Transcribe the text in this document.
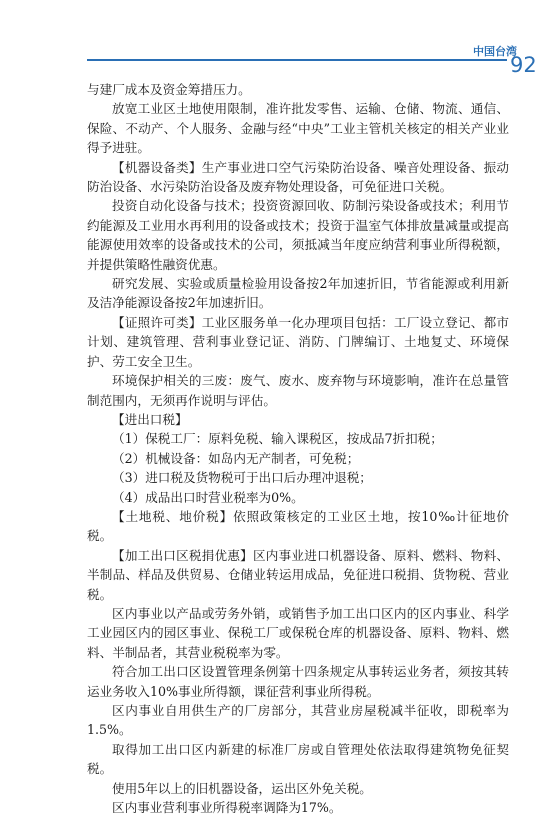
中国台湾
92

与建厂成本及资金筹措压力。

放宽工业区土地使用限制，准许批发零售、运输、仓储、物流、通信、保险、不动产、个人服务、金融与经“中央”工业主管机关核定的相关产业业得予进驻。

【机器设备类】生产事业进口空气污染防治设备、噪音处理设备、振动防治设备、水污染防治设备及废弃物处理设备，可免征进口关税。

投资自动化设备与技术；投资资源回收、防制污染设备或技术；利用节约能源及工业用水再利用的设备或技术；投资于温室气体排放量减量或提高能源使用效率的设备或技术的公司，须抵减当年度应纳营利事业所得税额，并提供策略性融资优惠。

研究发展、实验或质量检验用设备按2年加速折旧，节省能源或利用新及洁净能源设备按2年加速折旧。

【证照许可类】工业区服务单一化办理项目包括：工厂设立登记、都市计划、建筑管理、营利事业登记证、消防、门牌编订、土地复丈、环境保护、劳工安全卫生。

环境保护相关的三废：废气、废水、废弃物与环境影响，准许在总量管制范围内，无须再作说明与评估。

【进出口税】

（1）保税工厂：原料免税、输入课税区，按成品7折扣税；

（2）机械设备：如岛内无产制者，可免税；

（3）进口税及货物税可于出口后办理冲退税；

（4）成品出口时营业税率为0%。

【土地税、地价税】依照政策核定的工业区土地，按10‰计征地价税。

【加工出口区税捐优惠】区内事业进口机器设备、原料、燃料、物料、半制品、样品及供贸易、仓储业转运用成品，免征进口税捐、货物税、营业税。

区内事业以产品或劳务外销，或销售予加工出口区内的区内事业、科学工业园区内的园区事业、保税工厂或保税仓库的机器设备、原料、物料、燃料、半制品者，其营业税税率为零。

符合加工出口区设置管理条例第十四条规定从事转运业务者，须按其转运业务收入10%事业所得额，课征营利事业所得税。

区内事业自用供生产的厂房部分，其营业房屋税减半征收，即税率为1.5%。

取得加工出口区内新建的标准厂房或自管理处依法取得建筑物免征契税。

使用5年以上的旧机器设备，运出区外免关税。

区内事业营利事业所得税率调降为17%。
